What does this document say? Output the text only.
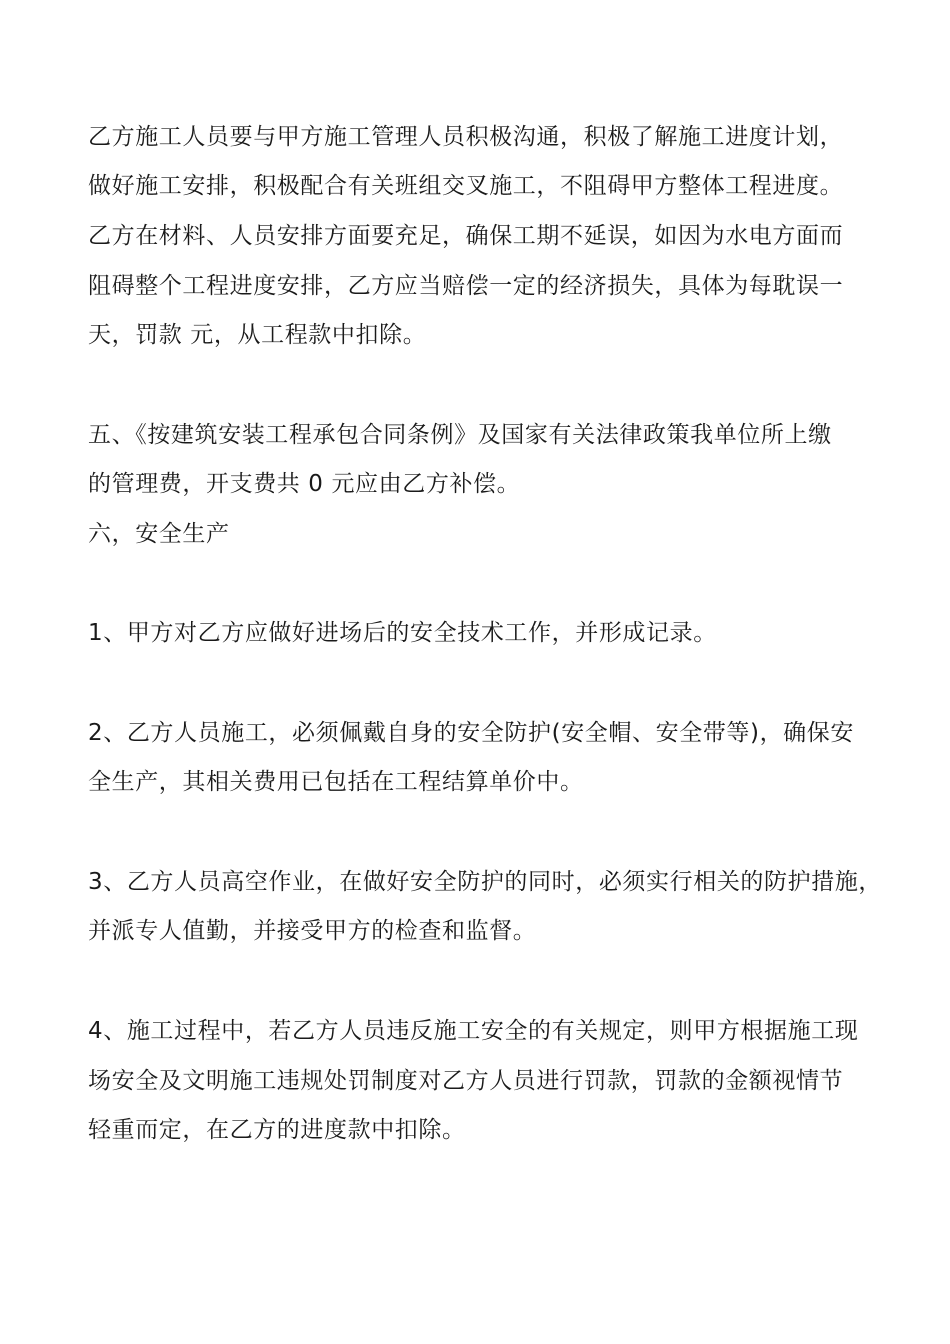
乙方施工人员要与甲方施工管理人员积极沟通，积极了解施工进度计划，
做好施工安排，积极配合有关班组交叉施工，不阻碍甲方整体工程进度。
乙方在材料、人员安排方面要充足，确保工期不延误，如因为水电方面而
阻碍整个工程进度安排，乙方应当赔偿一定的经济损失，具体为每耽误一
天，罚款 元，从工程款中扣除。
五、《按建筑安装工程承包合同条例》及国家有关法律政策我单位所上缴
的管理费，开支费共 0 元应由乙方补偿。
六，安全生产
1、甲方对乙方应做好进场后的安全技术工作，并形成记录。
2、乙方人员施工，必须佩戴自身的安全防护(安全帽、安全带等)，确保安
全生产，其相关费用已包括在工程结算单价中。
3、乙方人员高空作业，在做好安全防护的同时，必须实行相关的防护措施，
并派专人值勤，并接受甲方的检查和监督。
4、施工过程中，若乙方人员违反施工安全的有关规定，则甲方根据施工现
场安全及文明施工违规处罚制度对乙方人员进行罚款，罚款的金额视情节
轻重而定，在乙方的进度款中扣除。
